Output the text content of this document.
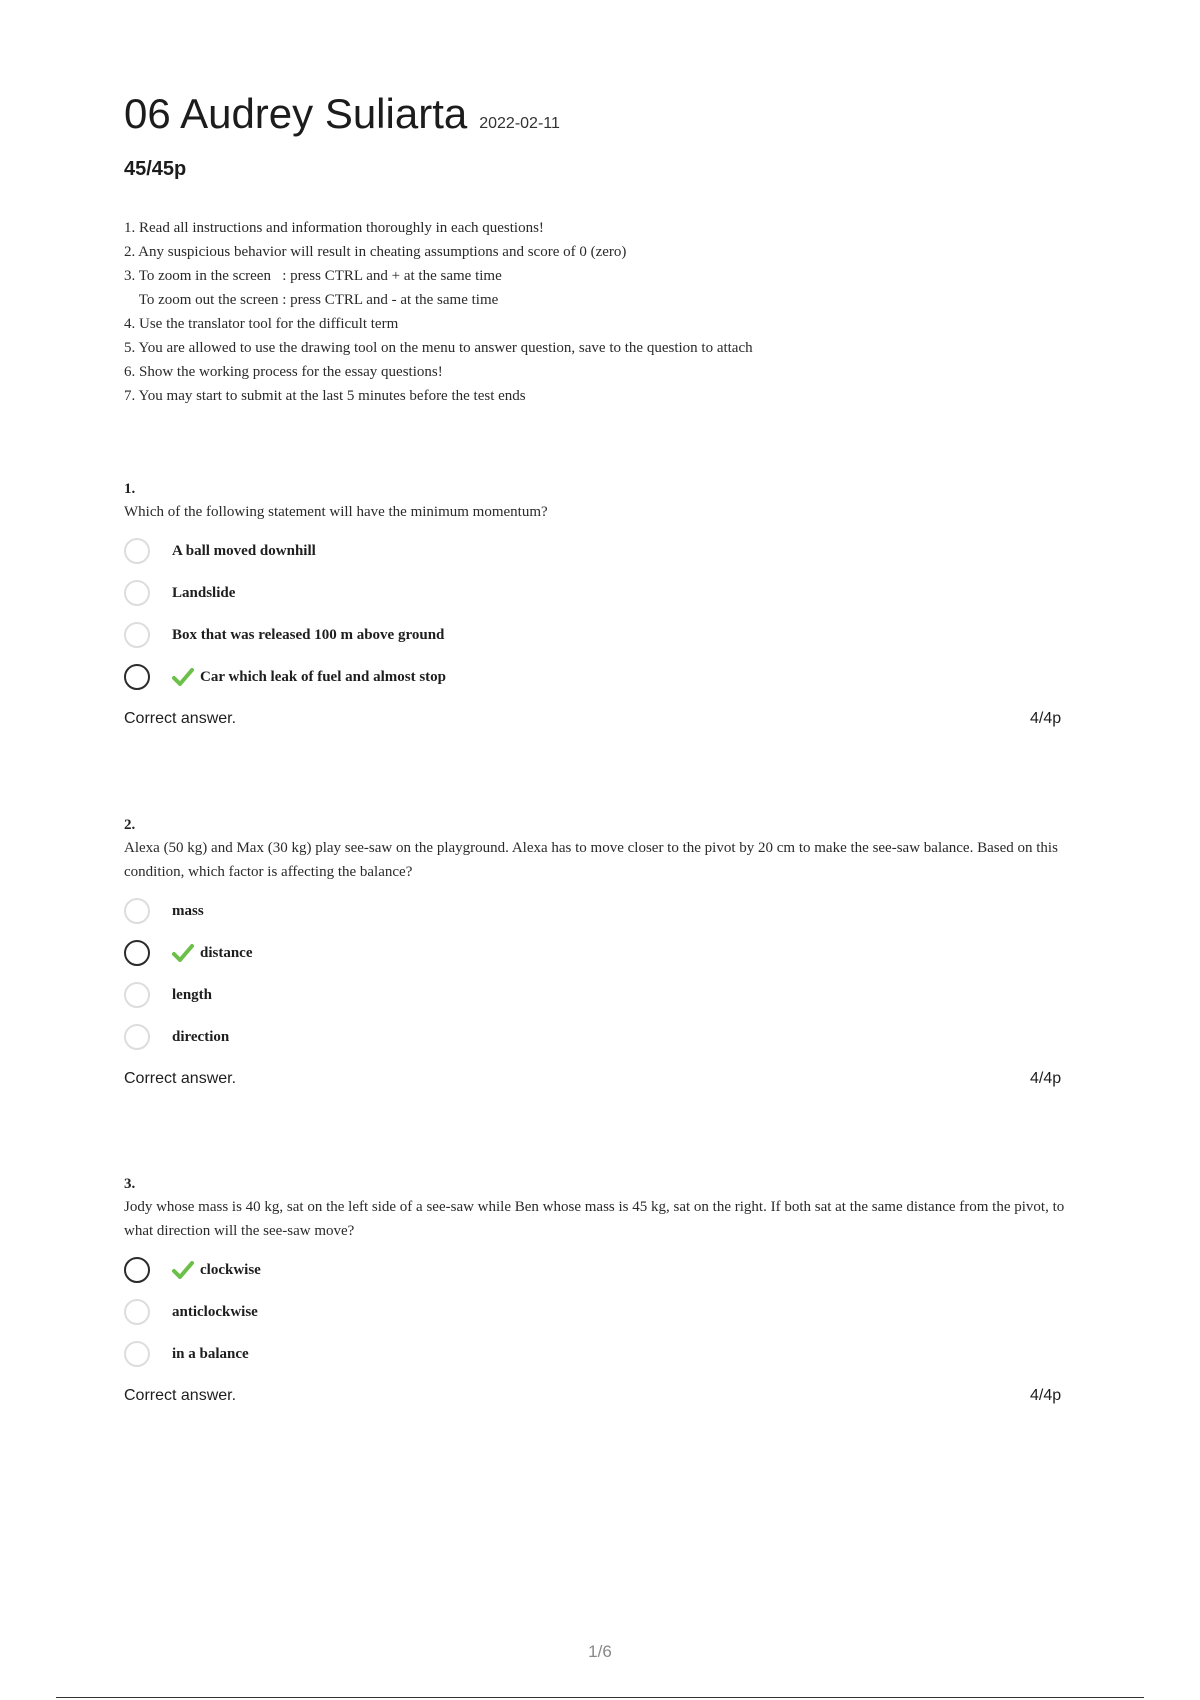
06 Audrey Suliarta 2022-02-11
45/45p
1. Read all instructions and information thoroughly in each questions!
2. Any suspicious behavior will result in cheating assumptions and score of 0 (zero)
3. To zoom in the screen   : press CTRL and + at the same time
To zoom out the screen : press CTRL and - at the same time
4. Use the translator tool for the difficult term
5. You are allowed to use the drawing tool on the menu to answer question, save to the question to attach
6. Show the working process for the essay questions!
7. You may start to submit at the last 5 minutes before the test ends
1.
Which of the following statement will have the minimum momentum?
A ball moved downhill
Landslide
Box that was released 100 m above ground
Car which leak of fuel and almost stop
Correct answer.	4/4p
2.
Alexa (50 kg) and Max (30 kg) play see-saw on the playground. Alexa has to move closer to the pivot by 20 cm to make the see-saw balance. Based on this condition, which factor is affecting the balance?
mass
distance
length
direction
Correct answer.	4/4p
3.
Jody whose mass is 40 kg, sat on the left side of a see-saw while Ben whose mass is 45 kg, sat on the right. If both sat at the same distance from the pivot, to what direction will the see-saw move?
clockwise
anticlockwise
in a balance
Correct answer.	4/4p
1/6
